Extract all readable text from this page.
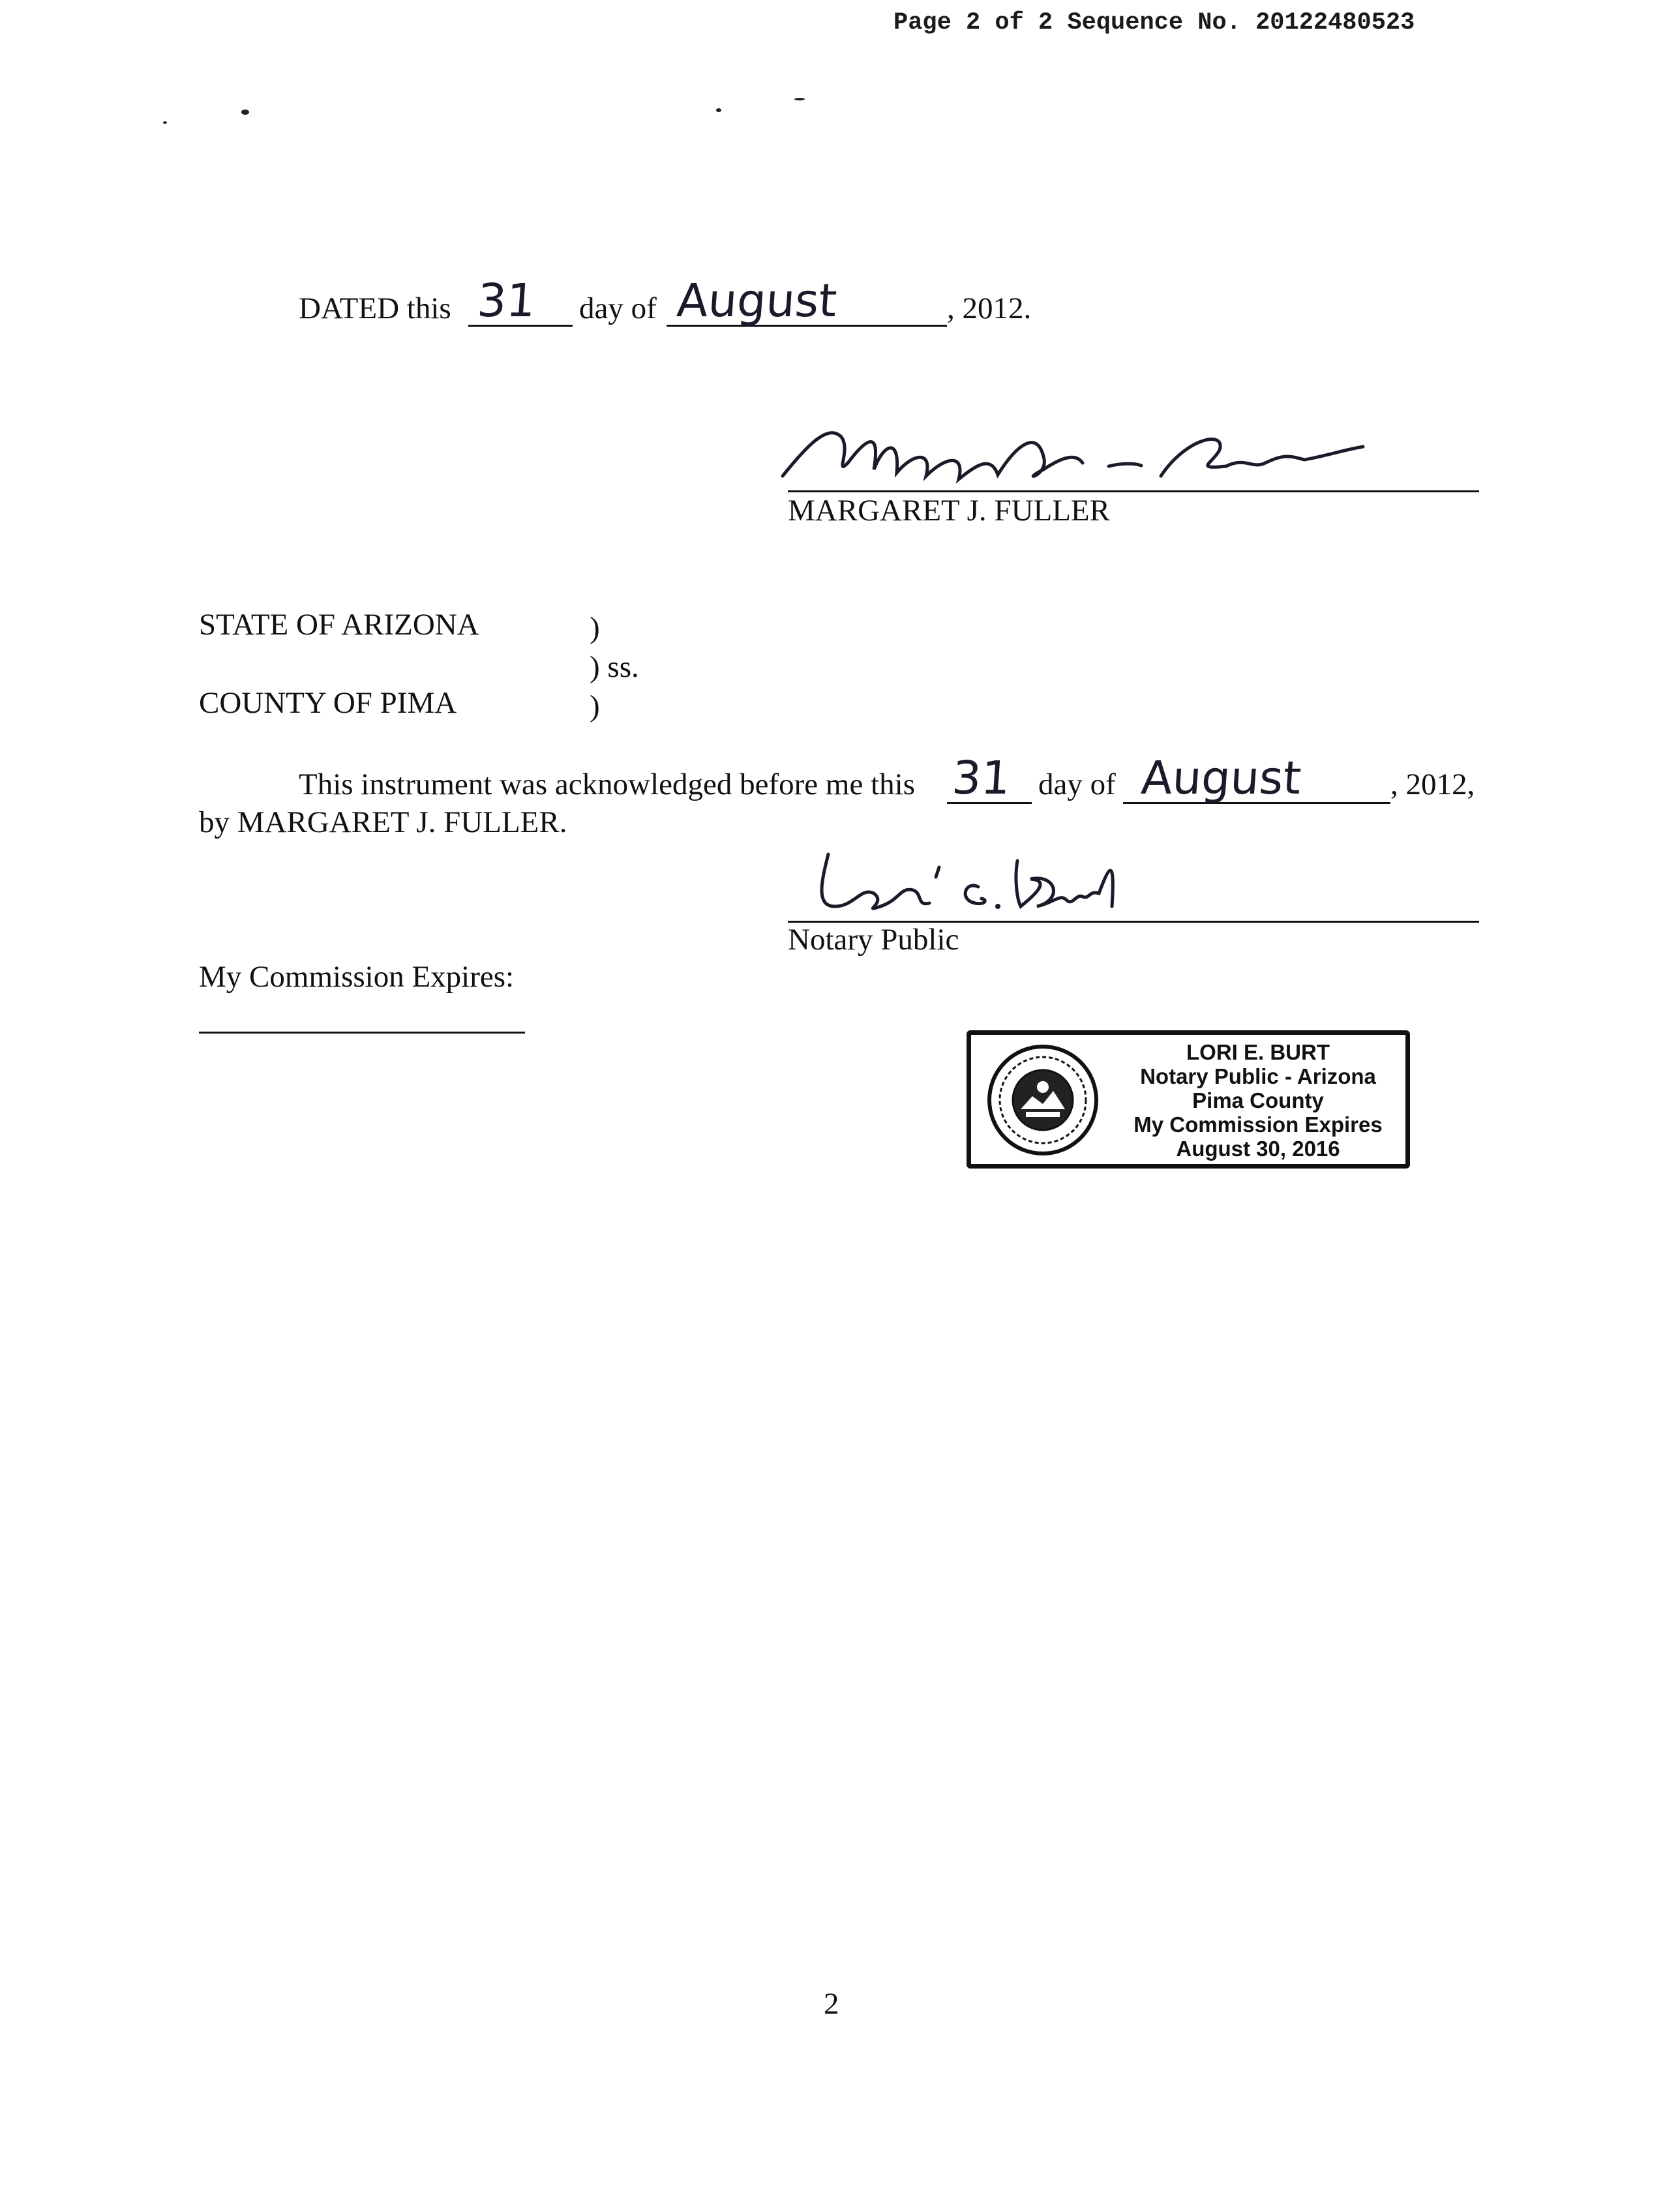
Page 2 of 2 Sequence No. 20122480523
DATED this 31 day of August	, 2012.
MARGARET J. FULLER
STATE OF ARIZONA	)
) ss.
COUNTY OF PIMA	)
This instrument was acknowledged before me this 31 day of August	, 2012,
by MARGARET J. FULLER.
Notary Public
My Commission Expires:
LORI E. BURT
Notary Public - Arizona
Pima County
My Commission Expires
August 30, 2016
2
